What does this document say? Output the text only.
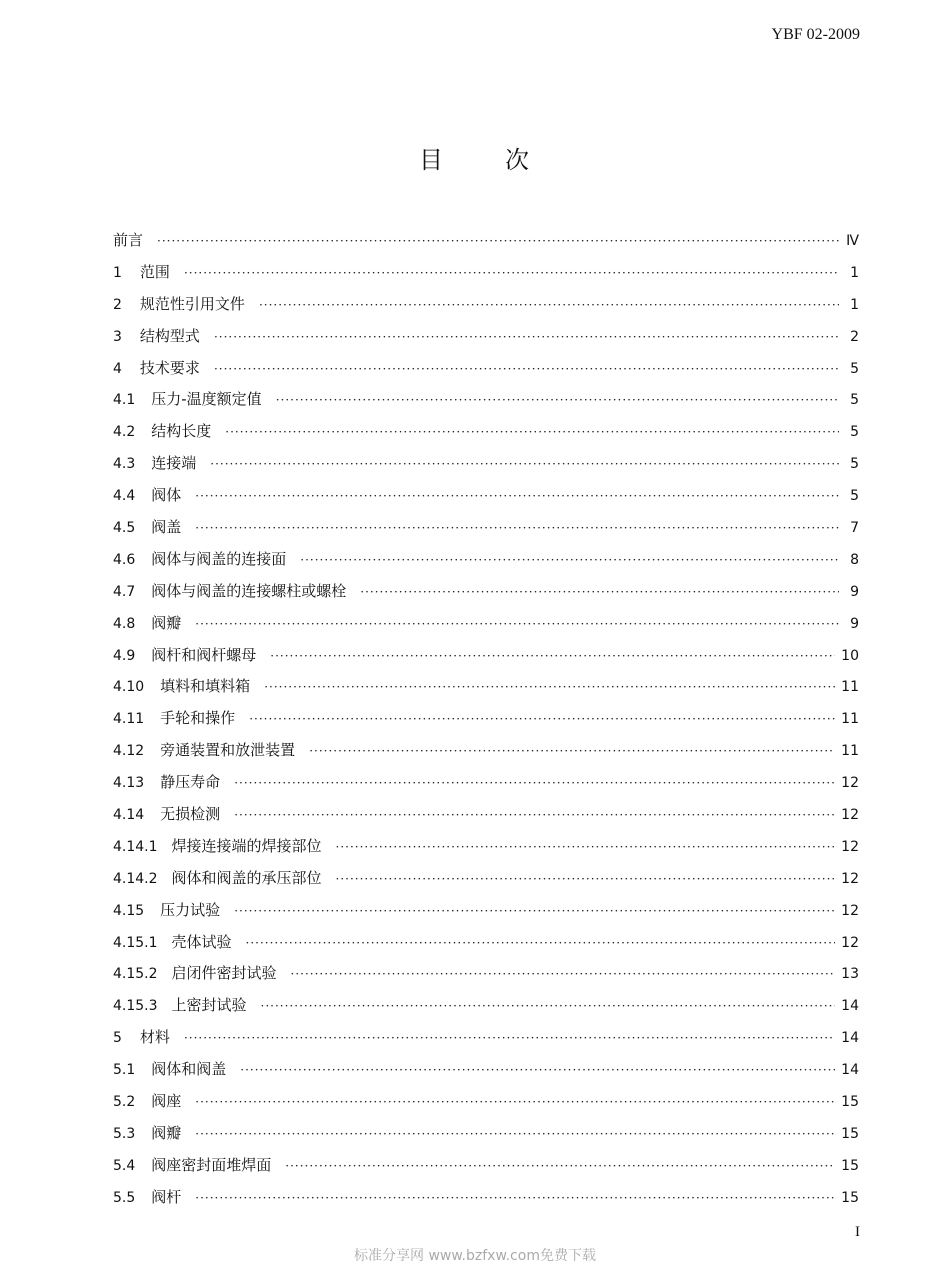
YBF 02-2009
目	次
前言 ·····	Ⅳ
1 范围 ·····	1
2 规范性引用文件 ·····	1
3 结构型式 ·····	2
4 技术要求 ·····	5
4.1 压力-温度额定值 ·····	5
4.2 结构长度 ·····	5
4.3 连接端 ·····	5
4.4 阀体 ·····	5
4.5 阀盖 ·····	7
4.6 阀体与阀盖的连接面 ·····	8
4.7 阀体与阀盖的连接螺柱或螺栓 ·····	9
4.8 阀瓣 ·····	9
4.9 阀杆和阀杆螺母 ·····	10
4.10 填料和填料箱 ·····	11
4.11 手轮和操作 ·····	11
4.12 旁通装置和放泄装置 ·····	11
4.13 静压寿命 ·····	12
4.14 无损检测 ·····	12
4.14.1 焊接连接端的焊接部位 ·····	12
4.14.2 阀体和阀盖的承压部位 ·····	12
4.15 压力试验 ·····	12
4.15.1 壳体试验 ·····	12
4.15.2 启闭件密封试验 ·····	13
4.15.3 上密封试验 ·····	14
5 材料 ·····	14
5.1 阀体和阀盖 ·····	14
5.2 阀座 ·····	15
5.3 阀瓣 ·····	15
5.4 阀座密封面堆焊面 ·····	15
5.5 阀杆 ·····	15
I
标准分享网 www.bzfxw.com免费下载
